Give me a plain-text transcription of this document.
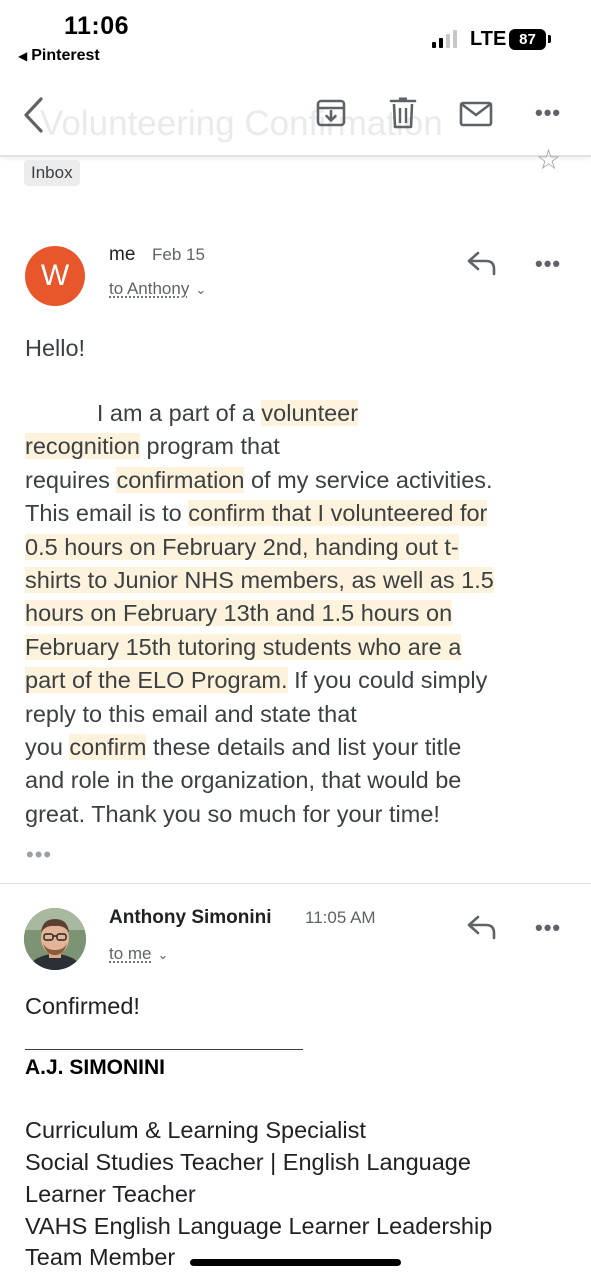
11:06
◀ Pinterest
LTE 87
Volunteering Confirmation	•••
Inbox	☆
W
me Feb 15
to Anthony ⌄
•••
Hello!
I am a part of a volunteer
recognition program that
requires confirmation of my service activities.
This email is to confirm that I volunteered for
0.5 hours on February 2nd, handing out t-
shirts to Junior NHS members, as well as 1.5
hours on February 13th and 1.5 hours on
February 15th tutoring students who are a
part of the ELO Program. If you could simply
reply to this email and state that
you confirm these details and list your title
and role in the organization, that would be
great. Thank you so much for your time!
•••
Anthony Simonini 11:05 AM
to me ⌄
•••
Confirmed!
A.J. SIMONINI
Curriculum & Learning Specialist
Social Studies Teacher | English Language
Learner Teacher
VAHS English Language Learner Leadership
Team Member
